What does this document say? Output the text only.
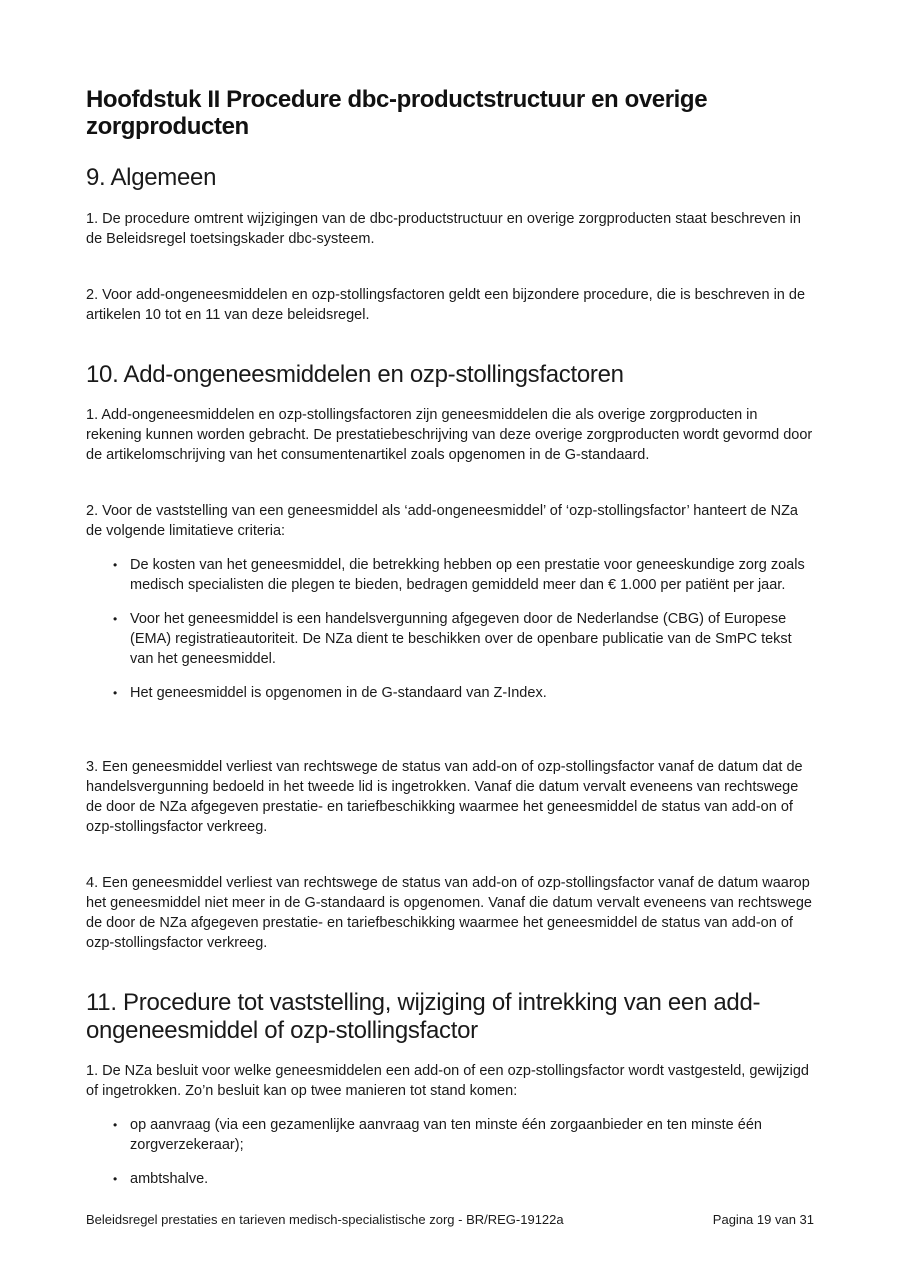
Hoofdstuk II Procedure dbc-productstructuur en overige zorgproducten
9. Algemeen

1. De procedure omtrent wijzigingen van de dbc-productstructuur en overige zorgproducten staat beschreven in de Beleidsregel toetsingskader dbc-systeem.

2. Voor add-ongeneesmiddelen en ozp-stollingsfactoren geldt een bijzondere procedure, die is beschreven in de artikelen 10 tot en 11 van deze beleidsregel.

10. Add-ongeneesmiddelen en ozp-stollingsfactoren

1. Add-ongeneesmiddelen en ozp-stollingsfactoren zijn geneesmiddelen die als overige zorgproducten in rekening kunnen worden gebracht. De prestatiebeschrijving van deze overige zorgproducten wordt gevormd door de artikelomschrijving van het consumentenartikel zoals opgenomen in de G-standaard.

2. Voor de vaststelling van een geneesmiddel als ‘add-ongeneesmiddel’ of ‘ozp-stollingsfactor’ hanteert de NZa de volgende limitatieve criteria:

• De kosten van het geneesmiddel, die betrekking hebben op een prestatie voor geneeskundige zorg zoals medisch specialisten die plegen te bieden, bedragen gemiddeld meer dan € 1.000 per patiënt per jaar.
• Voor het geneesmiddel is een handelsvergunning afgegeven door de Nederlandse (CBG) of Europese (EMA) registratieautoriteit. De NZa dient te beschikken over de openbare publicatie van de SmPC tekst van het geneesmiddel.
• Het geneesmiddel is opgenomen in de G-standaard van Z-Index.

3. Een geneesmiddel verliest van rechtswege de status van add-on of ozp-stollingsfactor vanaf de datum dat de handelsvergunning bedoeld in het tweede lid is ingetrokken. Vanaf die datum vervalt eveneens van rechtswege de door de NZa afgegeven prestatie- en tariefbeschikking waarmee het geneesmiddel de status van add-on of ozp-stollingsfactor verkreeg.

4. Een geneesmiddel verliest van rechtswege de status van add-on of ozp-stollingsfactor vanaf de datum waarop het geneesmiddel niet meer in de G-standaard is opgenomen. Vanaf die datum vervalt eveneens van rechtswege de door de NZa afgegeven prestatie- en tariefbeschikking waarmee het geneesmiddel de status van add-on of ozp-stollingsfactor verkreeg.

11. Procedure tot vaststelling, wijziging of intrekking van een add-ongeneesmiddel of ozp-stollingsfactor

1. De NZa besluit voor welke geneesmiddelen een add-on of een ozp-stollingsfactor wordt vastgesteld, gewijzigd of ingetrokken. Zo’n besluit kan op twee manieren tot stand komen:

• op aanvraag (via een gezamenlijke aanvraag van ten minste één zorgaanbieder en ten minste één zorgverzekeraar);
• ambtshalve.
Beleidsregel prestaties en tarieven medisch-specialistische zorg - BR/REG-19122a	Pagina 19 van 31
